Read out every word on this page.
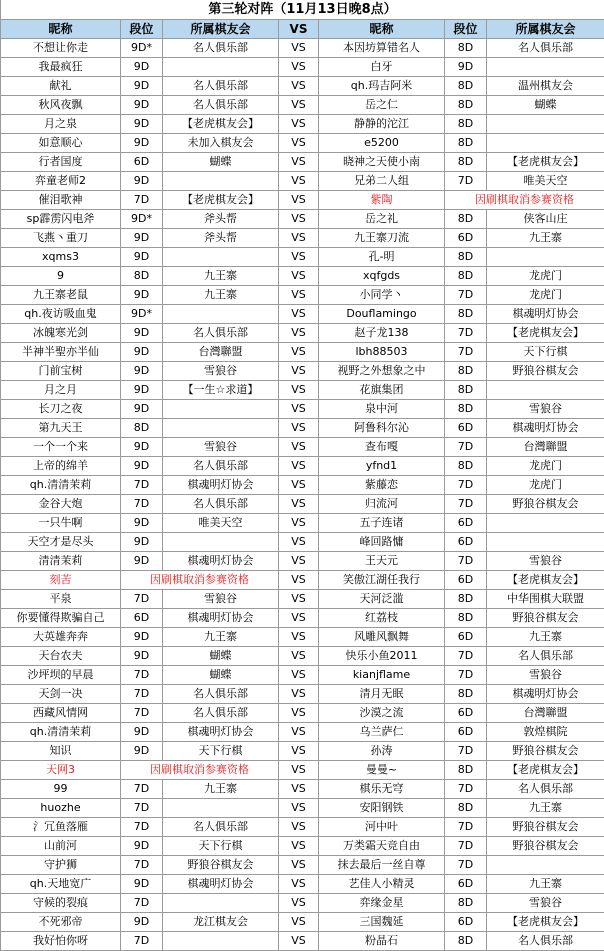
第三轮对阵（11月13日晚8点）						
昵称	段位	所属棋友会	VS	昵称	段位	所属棋友会
不想让你走	9D*	名人俱乐部	VS	本因坊算错名人	8D	名人俱乐部
我最疯狂	9D		VS	白牙	9D	
献礼	9D	名人俱乐部	VS	qh.玛吉阿米	8D	温州棋友会
秋风夜飘	9D	名人俱乐部	VS	岳之仁	8D	蝴蝶
月之泉	9D	【老虎棋友会】	VS	静静的沱江	8D	
如意顺心	9D	未加入棋友会	VS	e5200	8D	
行者国度	6D	蝴蝶	VS	晓神之天使小南	8D	【老虎棋友会】
弈童老师2	9D		VS	兄弟二人组	7D	唯美天空
催泪歌神	7D	【老虎棋友会】	VS	紫陶	因刷棋取消参赛资格	
sp霹雳闪电斧	9D*	斧头帮	VS	岳之礼	8D	侠客山庄
飞燕丶重刀	9D	斧头帮	VS	九王寨刀流	6D	九王寨
xqms3	9D		VS	孔-明	8D	
9	8D	九王寨	VS	xqfgds	8D	龙虎门
九王寨老鼠	9D	九王寨	VS	小同学丶	7D	龙虎门
qh.夜访吸血鬼	9D*		VS	Douflamingo	8D	棋魂明灯协会
冰魄寒光剑	9D	名人俱乐部	VS	赵子龙138	7D	【老虎棋友会】
半神半聖亦半仙	9D	台灣聯盟	VS	lbh88503	7D	天下行棋
门前宝树	9D	雪狼谷	VS	视野之外想象之中	8D	野狼谷棋友会
月之月	9D	【一生☆求道】	VS	花旗集团	8D	
长刀之夜	9D		VS	泉中河	8D	雪狼谷
第九天王	8D		VS	阿鲁科尔沁	6D	棋魂明灯协会
一个一个来	9D	雪狼谷	VS	查布嘎	7D	台灣聯盟
上帝的绵羊	9D	名人俱乐部	VS	yfnd1	8D	龙虎门
qh.清清茉莉	7D	棋魂明灯协会	VS	紫藤恋	7D	龙虎门
金谷大炮	7D	名人俱乐部	VS	归流河	7D	野狼谷棋友会
一只牛啊	9D	唯美天空	VS	五子连诸	6D	
天空才是尽头	9D		VS	峰回路慵	6D	
清清茉莉	9D	棋魂明灯协会	VS	王天元	7D	雪狼谷
刻苦	因刷棋取消参赛资格		VS	笑傲江湖任我行	6D	【老虎棋友会】
平泉	7D	雪狼谷	VS	天河泛滥	8D	中华围棋大联盟
你要懂得欺骗自己	6D	棋魂明灯协会	VS	红荔枝	8D	野狼谷棋友会
大英雄奔奔	9D	九王寨	VS	风雕风飘舞	6D	九王寨
天台农夫	9D	蝴蝶	VS	快乐小鱼2011	7D	名人俱乐部
沙坪坝的早晨	7D	蝴蝶	VS	kianjflame	7D	雪狼谷
天剑一决	7D	名人俱乐部	VS	清月无眠	8D	棋魂明灯协会
西藏风情网	7D	名人俱乐部	VS	沙漠之流	6D	台灣聯盟
qh.清清茉莉	9D	棋魂明灯协会	VS	乌兰萨仁	6D	敦煌棋院
知识	9D	天下行棋	VS	孙涛	7D	野狼谷棋友会
天网3	因刷棋取消参赛资格		VS	曼曼~	8D	【老虎棋友会】
99	7D	九王寨	VS	棋乐无穹	7D	名人俱乐部
huozhe	7D		VS	安阳钢铁	8D	九王寨
氵冗鱼落雁	7D	名人俱乐部	VS	河中叶	7D	野狼谷棋友会
山前河	9D	天下行棋	VS	万类霜天竞自由	7D	野狼谷棋友会
守护狮	7D	野狼谷棋友会	VS	抹去最后一丝自尊	7D	
qh.天地宽广	9D	棋魂明灯协会	VS	艺佳人小精灵	6D	九王寨
守候的裂痕	7D		VS	弈缘金星	8D	雪狼谷
不死邪帝	9D	龙江棋友会	VS	三国魏延	6D	【老虎棋友会】
我好怕你呀	7D		VS	粉晶石	8D	名人俱乐部
